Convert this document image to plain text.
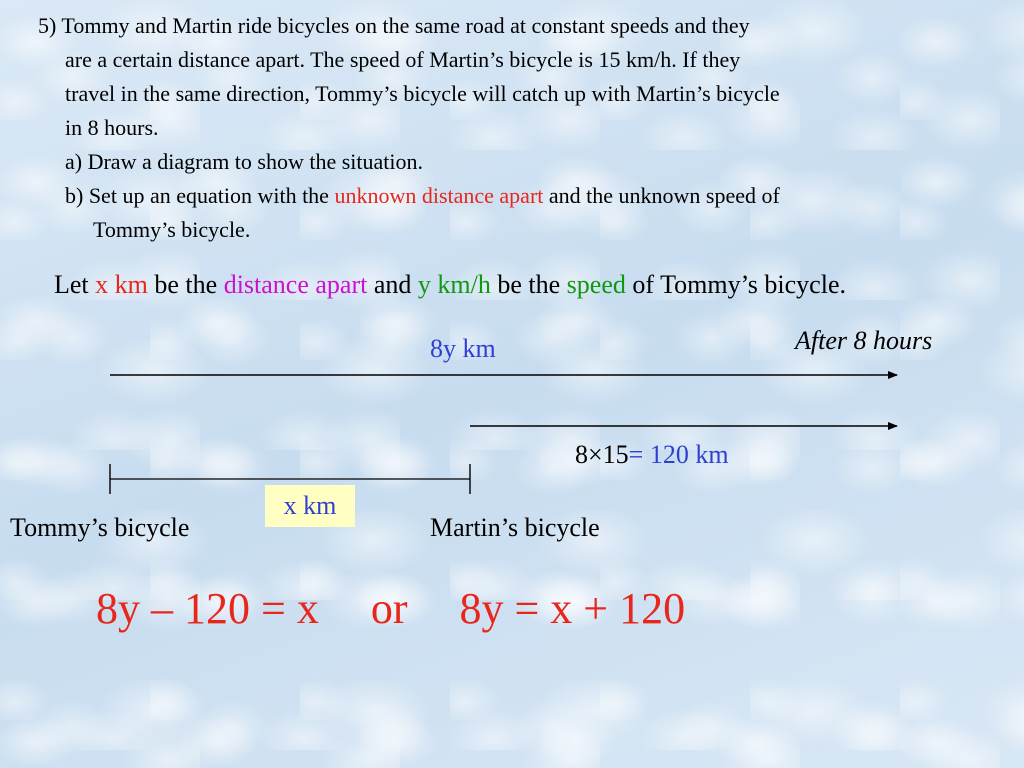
5) Tommy and Martin ride bicycles on the same road at constant speeds and they

are a certain distance apart. The speed of Martin’s bicycle is 15 km/h. If they

travel in the same direction, Tommy’s bicycle will catch up with Martin’s bicycle

in 8 hours.

a) Draw a diagram to show the situation.

b) Set up an equation with the unknown distance apart and the unknown speed of

Tommy’s bicycle.

Let x km be the distance apart and y km/h be the speed of Tommy’s bicycle.
8y km	After 8 hours
8×15= 120 km
x km
Tommy’s bicycle	Martin’s bicycle
8y – 120 = x or 8y = x + 120
